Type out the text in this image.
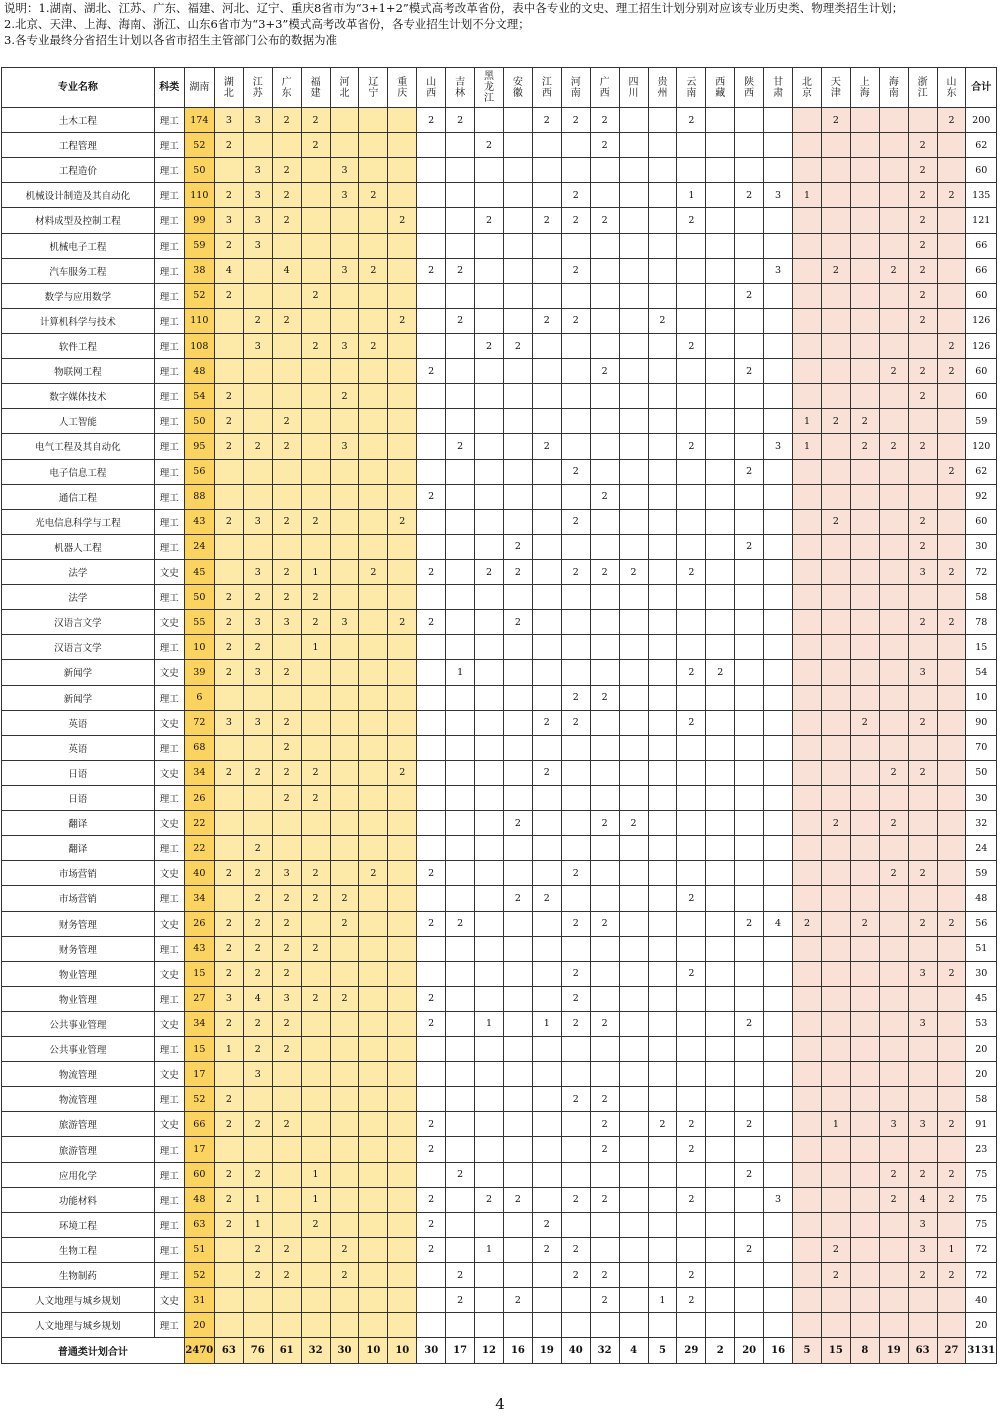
说明：1.湖南、湖北、江苏、广东、福建、河北、辽宁、重庆8省市为“3+1+2”模式高考改革省份，表中各专业的文史、理工招生计划分别对应该专业历史类、物理类招生计划；
2.北京、天津、上海、海南、浙江、山东6省市为“3+3”模式高考改革省份，各专业招生计划不分文理；
3.各专业最终分省招生计划以各省市招生主管部门公布的数据为准
专业名称	科类	湖南	湖北	江苏	广东	福建	河北	辽宁	重庆	山西	吉林	黑龙江	安徽	江西	河南	广西	四川	贵州	云南	西藏	陕西	甘肃	北京	天津	上海	海南	浙江	山东	合计
土木工程	理工	174	3	3	2	2				2	2			2	2	2			2					2				2	200
工程管理	理工	52	2			2						2				2											2		62
工程造价	理工	50		3	2		3																				2		60
机械设计制造及其自动化	理工	110	2	3	2		3	2							2				1		2	3	1				2	2	135
材料成型及控制工程	理工	99	3	3	2				2			2		2	2	2			2								2		121
机械电子工程	理工	59	2	3																							2		66
汽车服务工程	理工	38	4		4		3	2		2	2				2							3		2		2	2		66
数学与应用数学	理工	52	2			2															2						2		60
计算机科学与技术	理工	110		2	2				2		2			2	2			2									2		126
软件工程	理工	108		3		2	3	2				2	2						2									2	126
物联网工程	理工	48								2						2					2					2	2	2	60
数字媒体技术	理工	54	2				2																				2		60
人工智能	理工	50	2		2																		1	2	2				59
电气工程及其自动化	理工	95	2	2	2		3				2			2					2			3	1		2	2	2		120
电子信息工程	理工	56													2						2							2	62
通信工程	理工	88								2						2													92
光电信息科学与工程	理工	43	2	3	2	2			2						2									2			2		60
机器人工程	理工	24											2								2						2		30
法学	文史	45		3	2	1		2		2		2	2		2	2	2		2								3	2	72
法学	理工	50	2	2	2	2																							58
汉语言文学	文史	55	2	3	3	2	3		2	2			2														2	2	78
汉语言文学	理工	10	2	2		1																							15
新闻学	文史	39	2	3	2						1								2	2							3		54
新闻学	理工	6													2	2													10
英语	文史	72	3	3	2									2	2				2						2		2		90
英语	理工	68			2																								70
日语	文史	34	2	2	2	2			2					2												2	2		50
日语	理工	26			2	2																							30
翻译	文史	22											2			2	2							2		2			32
翻译	理工	22		2																									24
市场营销	文史	40	2	2	3	2		2		2					2											2	2		59
市场营销	理工	34		2	2	2	2						2	2					2										48
财务管理	文史	26	2	2	2		2			2	2				2	2					2	4	2		2		2	2	56
财务管理	理工	43	2	2	2	2																							51
物业管理	文史	15	2	2	2										2				2								3	2	30
物业管理	理工	27	3	4	3	2	2			2					2														45
公共事业管理	文史	34	2	2	2					2		1		1	2	2					2						3		53
公共事业管理	理工	15	1	2	2																								20
物流管理	文史	17		3																									20
物流管理	理工	52	2												2	2													58
旅游管理	文史	66	2	2	2					2						2		2	2		2			1		3	3	2	91
旅游管理	理工	17								2						2			2										23
应用化学	理工	60	2	2		1					2										2					2	2	2	75
功能材料	理工	48	2	1		1				2		2	2		2	2			2			3				2	4	2	75
环境工程	理工	63	2	1		2				2				2													3		75
生物工程	理工	51		2	2		2			2		1		2	2						2			2			3	1	72
生物制药	理工	52		2	2		2				2				2	2			2					2			2	2	72
人文地理与城乡规划	文史	31									2		2			2		1	2										40
人文地理与城乡规划	理工	20																											20
普通类计划合计		2470	63	76	61	32	30	10	10	30	17	12	16	19	40	32	4	5	29	2	20	16	5	15	8	19	63	27	3131
4
